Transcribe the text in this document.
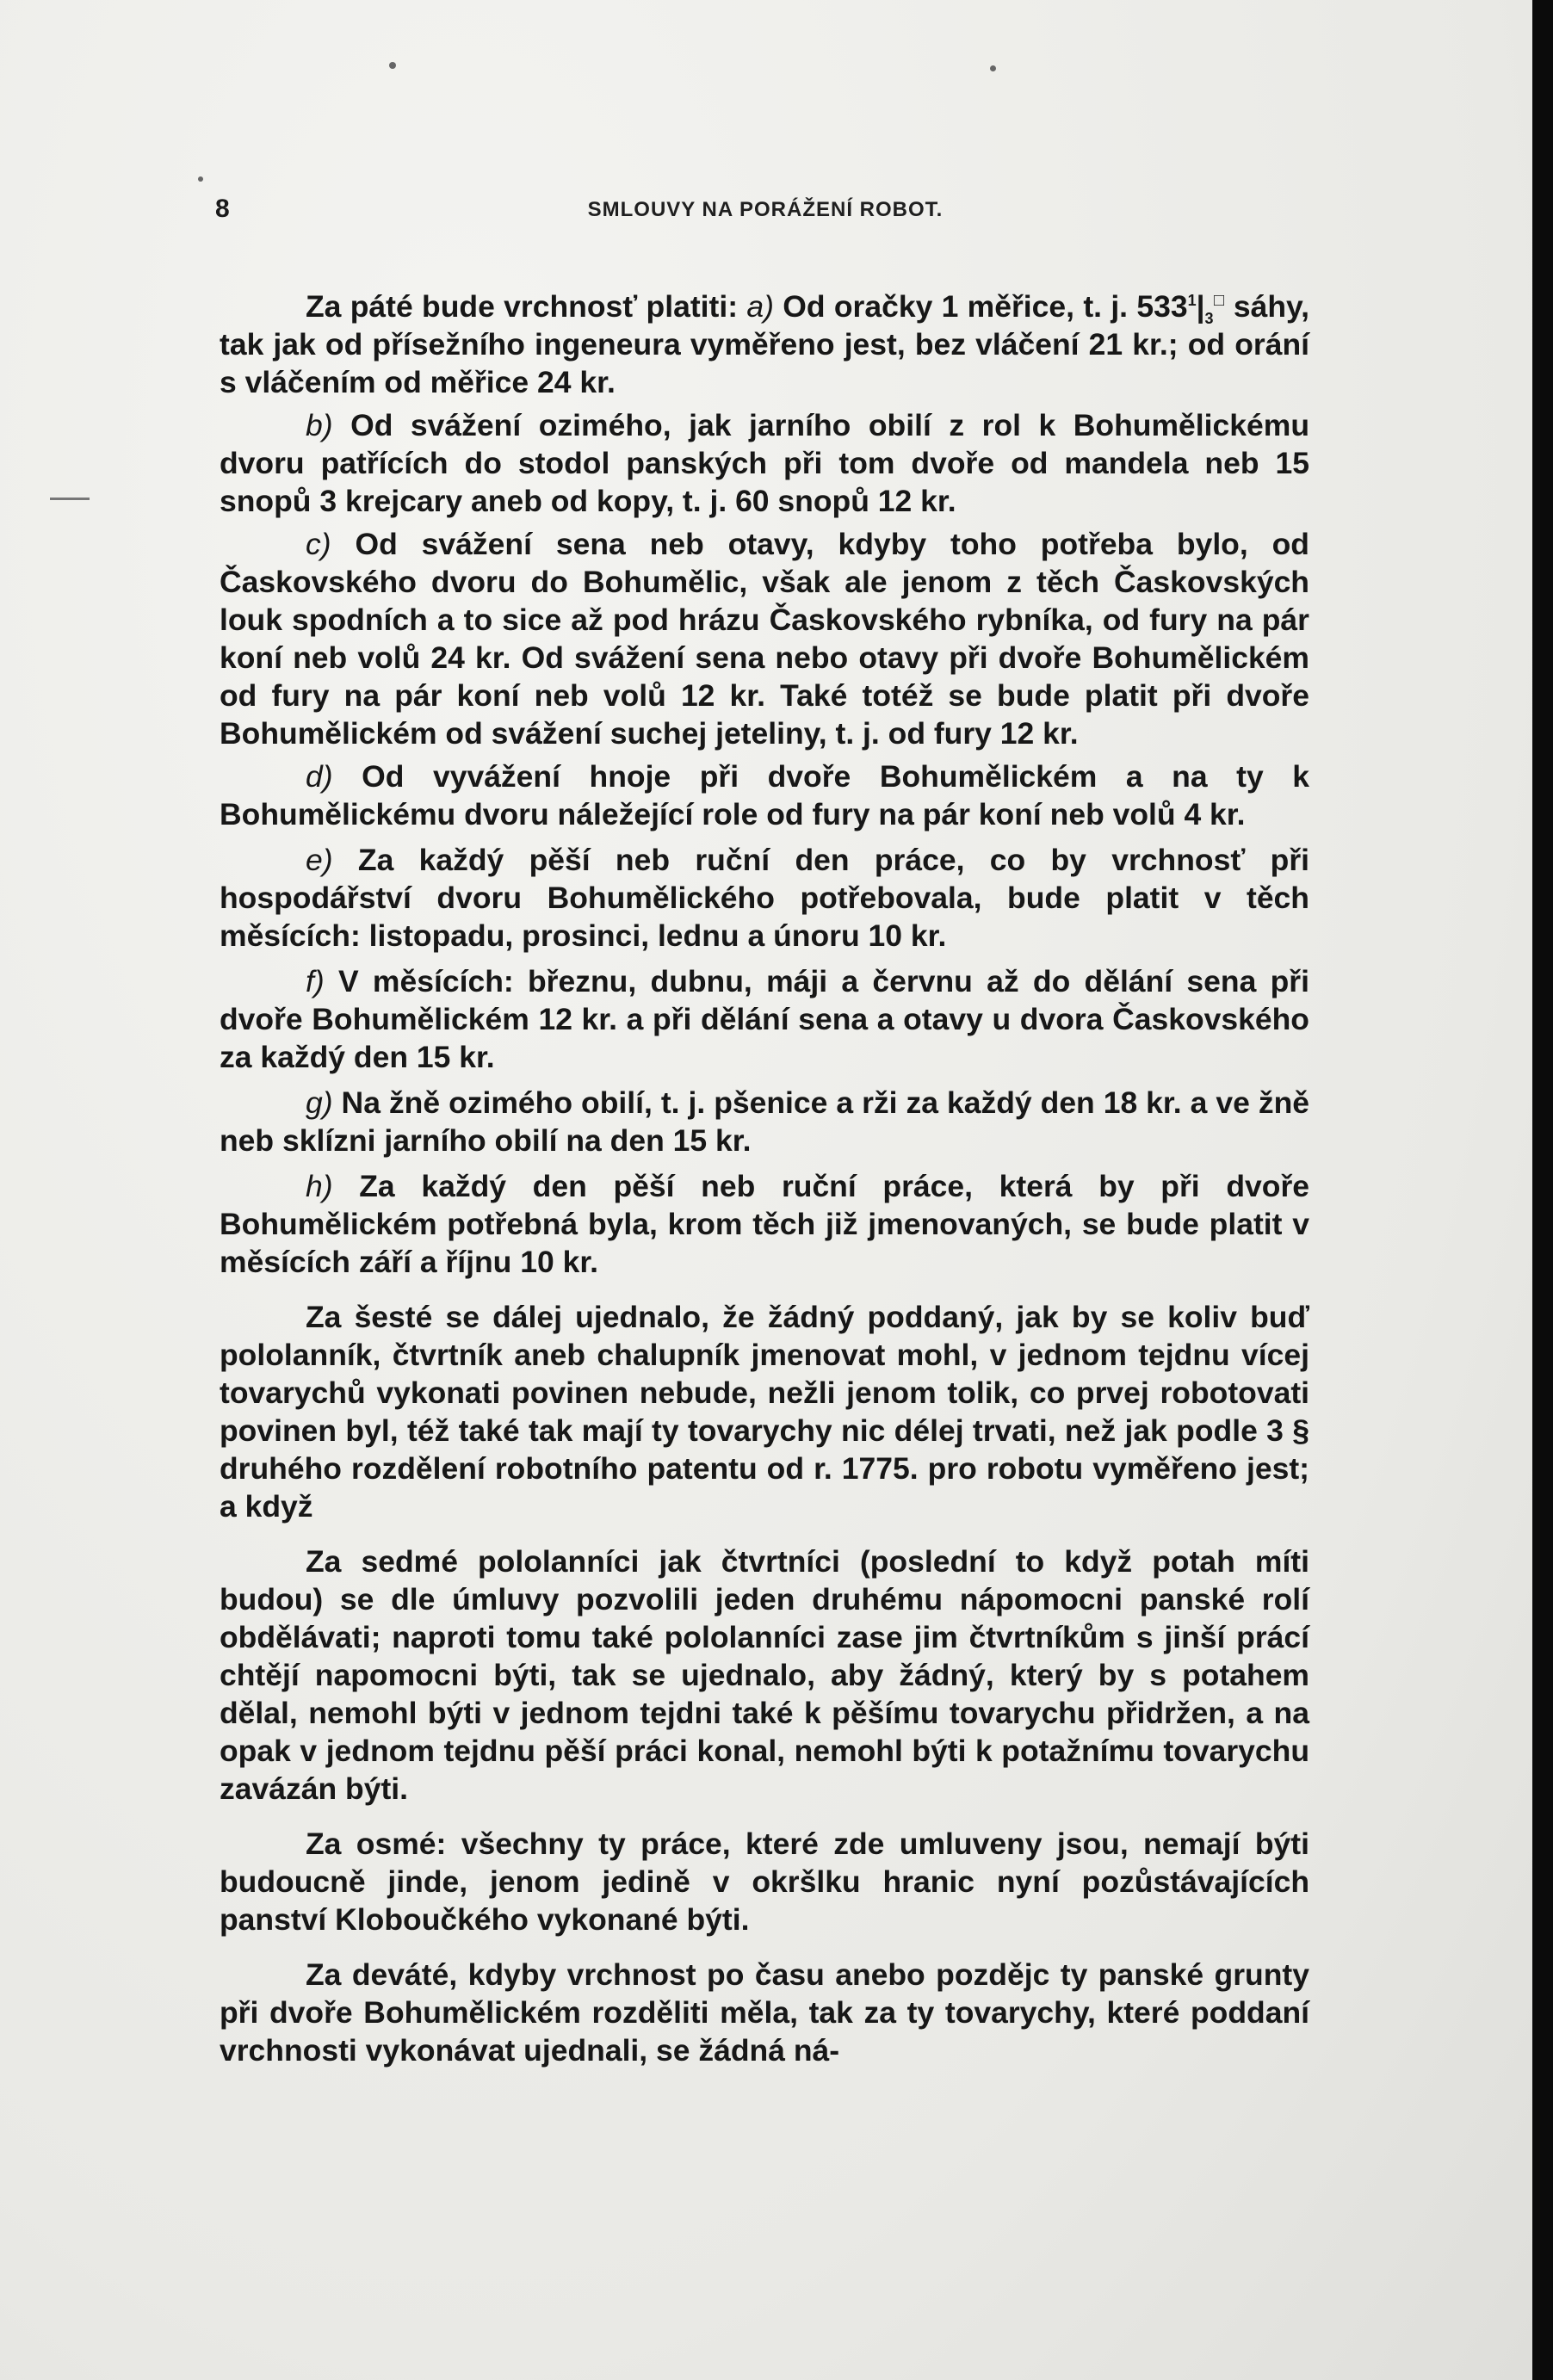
8	SMLOUVY NA PORÁŽENÍ ROBOT.

Za páté bude vrchnosť platiti: a) Od oračky 1 měřice, t. j. $533^1|_3^□$ sáhy, tak jak od přísežního ingeneura vyměřeno jest, bez vláčení 21 kr.; od orání s vláčením od měřice 24 kr.

b) Od svážení ozimého, jak jarního obilí z rol k Bohumělickému dvoru patřících do stodol panských při tom dvoře od mandela neb 15 snopů 3 krejcary aneb od kopy, t. j. 60 snopů 12 kr.

c) Od svážení sena neb otavy, kdyby toho potřeba bylo, od Časkovského dvoru do Bohumělic, však ale jenom z těch Časkovských louk spodních a to sice až pod hrázu Časkovského rybníka, od fury na pár koní neb volů 24 kr. Od svážení sena nebo otavy při dvoře Bohumělickém od fury na pár koní neb volů 12 kr. Také totéž se bude platit při dvoře Bohumělickém od svážení suchej jeteliny, t. j. od fury 12 kr.

d) Od vyvážení hnoje při dvoře Bohumělickém a na ty k Bohumělickému dvoru náležející role od fury na pár koní neb volů 4 kr.

e) Za každý pěší neb ruční den práce, co by vrchnosť při hospodářství dvoru Bohumělického potřebovala, bude platit v těch měsících: listopadu, prosinci, lednu a únoru 10 kr.

f) V měsících: březnu, dubnu, máji a červnu až do dělání sena při dvoře Bohumělickém 12 kr. a při dělání sena a otavy u dvora Časkovského za každý den 15 kr.

g) Na žně ozimého obilí, t. j. pšenice a rži za každý den 18 kr. a ve žně neb sklízni jarního obilí na den 15 kr.

h) Za každý den pěší neb ruční práce, která by při dvoře Bohumělickém potřebná byla, krom těch již jmenovaných, se bude platit v měsících září a říjnu 10 kr.

Za šesté se dálej ujednalo, že žádný poddaný, jak by se koliv buď pololanník, čtvrtník aneb chalupník jmenovat mohl, v jednom tejdnu vícej tovarychů vykonati povinen nebude, nežli jenom tolik, co prvej robotovati povinen byl, též také tak mají ty tovarychy nic délej trvati, než jak podle 3 § druhého rozdělení robotního patentu od r. 1775. pro robotu vyměřeno jest; a když

Za sedmé pololanníci jak čtvrtníci (poslední to když potah míti budou) se dle úmluvy pozvolili jeden druhému nápomocni panské rolí obdělávati; naproti tomu také pololanníci zase jim čtvrtníkům s jinší prácí chtějí napomocni býti, tak se ujednalo, aby žádný, který by s potahem dělal, nemohl býti v jednom tejdni také k pěšímu tovarychu přidržen, a na opak v jednom tejdnu pěší práci konal, nemohl býti k potažnímu tovarychu zavázán býti.

Za osmé: všechny ty práce, které zde umluveny jsou, nemají býti budoucně jinde, jenom jedině v okršlku hranic nyní pozůstávajících panství Kloboučkého vykonané býti.

Za deváté, kdyby vrchnost po času anebo pozdějc ty panské grunty při dvoře Bohumělickém rozděliti měla, tak za ty tovarychy, které poddaní vrchnosti vykonávat ujednali, se žádná ná-
